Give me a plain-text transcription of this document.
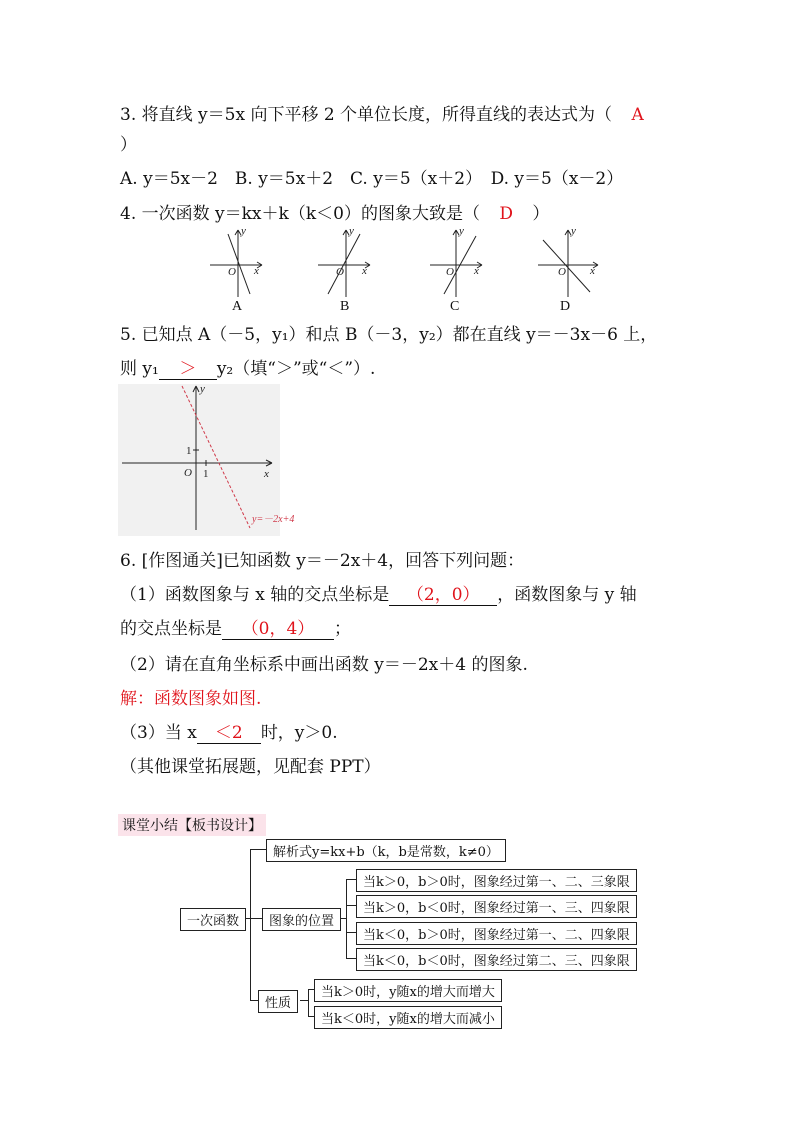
3. 将直线 y＝5x 向下平移 2 个单位长度，所得直线的表达式为（ A
）
A. y＝5x－2　B. y＝5x＋2　C. y＝5（x＋2）　D. y＝5（x－2）
4. 一次函数 y＝kx＋k（k＜0）的图象大致是（ D ）
y
x
O
y
x
O
y
x
O
y
x
O
A	B	C	D
5. 已知点 A（－5，y₁）和点 B（－3，y₂）都在直线 y＝－3x－6 上，
则 y₁ ＞ y₂（填“＞”或“＜”）.
y
x
O 1
1
y=－2x+4
6. [作图通关]已知函数 y＝－2x＋4，回答下列问题：
（1）函数图象与 x 轴的交点坐标是 （2，0） ，函数图象与 y 轴
的交点坐标是 （0，4） ；
（2）请在直角坐标系中画出函数 y＝－2x＋4 的图象.
解：函数图象如图.
（3）当 x ＜2 时，y＞0.
（其他课堂拓展题，见配套 PPT）
课堂小结【板书设计】
一次函数
解析式y=kx+b（k，b是常数，k≠0）
图象的位置
当k＞0，b＞0时，图象经过第一、二、三象限
当k＞0，b＜0时，图象经过第一、三、四象限
当k＜0，b＞0时，图象经过第一、二、四象限
当k＜0，b＜0时，图象经过第二、三、四象限
性质
当k＞0时，y随x的增大而增大
当k＜0时，y随x的增大而减小
